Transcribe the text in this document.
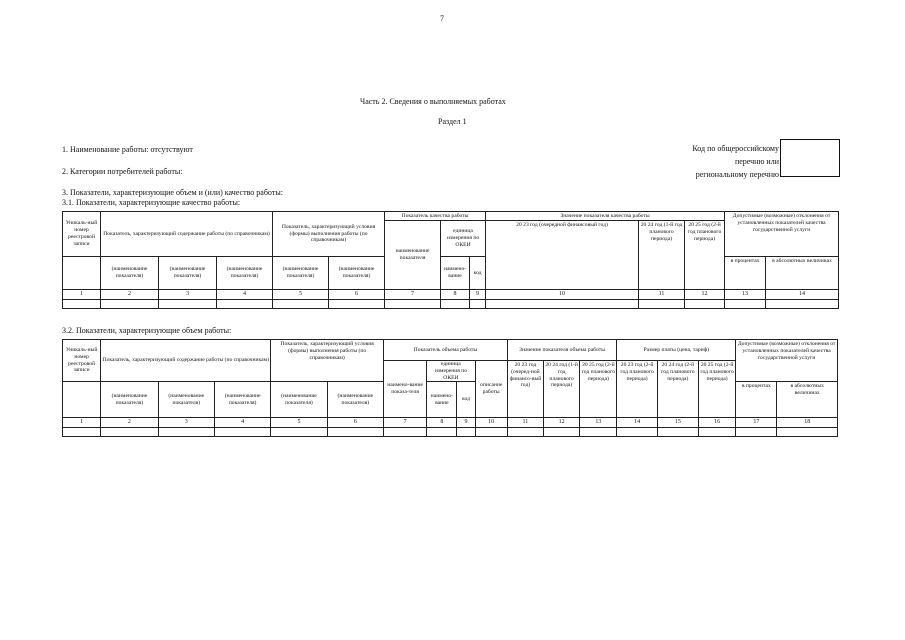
7
Часть 2. Сведения о выполняемых работах
Раздел 1
1. Наименование работы: отсутствуют
2. Категории потребителей работы:
3. Показатели, характеризующие объем и (или) качество работы:
3.1. Показатели, характеризующие качество работы:
3.2. Показатели, характеризующие объем работы:
Код по общероссийскому
перечню или
региональному перечню
Уникаль-ный номер реестровой записи	Показатель, характеризующий содержание работы (по справочникам)			Показатель, характеризующий условия (формы) выполнения работы (по справочникам)		Показатель качества работы			Значение показателя качества работы			Допустимые (возможные) отклонения от установленных показателей качества государственной услуги	
						наименование показателя	единица измерения по ОКЕИ		20 23 год (очередной финансовый год)	20 24 год (1-й год планового периода)	20 25 год (2-й год планового периода)		

	(наименование показателя)	(наименование показателя)	(наименование показателя)	(наименование показателя)	(наименование показателя)		наимено-вание	код				в процентах	в абсолютных величинах
1	2	3	4	5	6	7	8	9	10	11	12	13	14

Уникаль-ный номер реестровой записи	Показатель, характеризующий содержание работы (по справочникам)			Показатель, характеризующий условия (формы) выполнения работы (по справочникам)		Показатель объема работы				Значение показателя объема работы			Размер платы (цена, тариф)			Допустимые (возможные) отклонения от установленных показателей качества государственной услуги	

						наимено-вание показа-теля	единица измерения по ОКЕИ		описание работы	20 23 год (очеред-ной финансо-вый год)	20 24 год (1-й год планового периода)	20 25 год (2-й год планового периода)	20 23 год (2-й год планового периода)	20 24 год (2-й год планового периода)	20 25 год (2-й год планового периода)		
	(наименование показателя)	(наименование показателя)	(наименование показателя)	(наименование показателя)	(наименование показателя)		наимено-вание	код								в процентах	в абсолютных величинах
1	2	3	4	5	6	7	8	9	10	11	12	13	14	15	16	17	18
